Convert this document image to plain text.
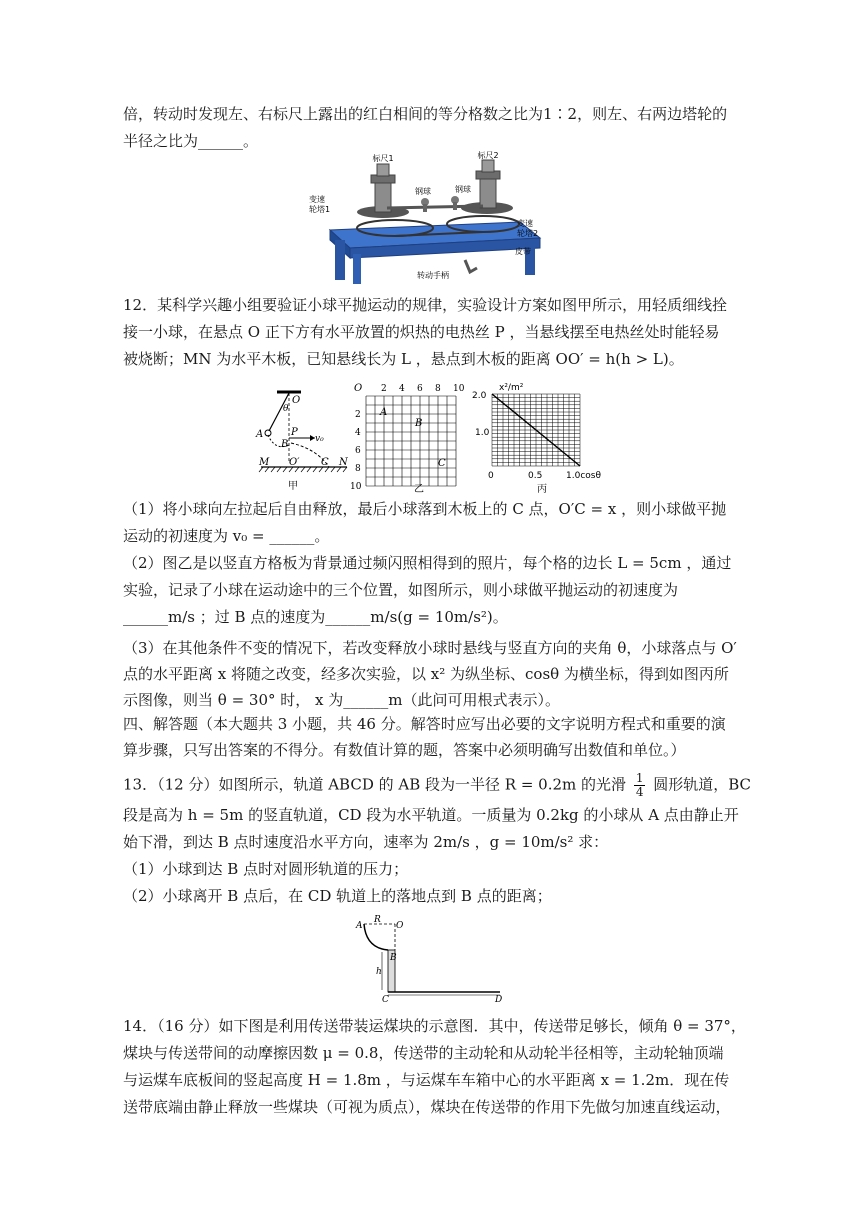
倍，转动时发现左、右标尺上露出的红白相间的等分格数之比为1∶2，则左、右两边塔轮的
半径之比为______。
标尺1	标尺2
钢球	钢球
变速
轮塔1
变速
轮塔2
皮带
转动手柄
12．某科学兴趣小组要验证小球平抛运动的规律，实验设计方案如图甲所示，用轻质细线拴
接一小球，在悬点 O 正下方有水平放置的炽热的电热丝 P ，当悬线摆至电热丝处时能轻易
被烧断；MN 为水平木板，已知悬线长为 L ，悬点到木板的距离 OO′ = h(h > L)。
O
θ
A	P
B	v₀
M O′ C N
甲
O 2 4 6 8 10
2
4
6
8
10
A
B
C
乙
x²/m²
2.0
1.0
0	0.5	1.0cosθ
丙
（1）将小球向左拉起后自由释放，最后小球落到木板上的 C 点，O′C = x ，则小球做平抛
运动的初速度为 v₀ = ______。
（2）图乙是以竖直方格板为背景通过频闪照相得到的照片，每个格的边长 L = 5cm ，通过
实验，记录了小球在运动途中的三个位置，如图所示，则小球做平抛运动的初速度为
______m/s ；过 B 点的速度为______m/s(g = 10m/s²)。
（3）在其他条件不变的情况下，若改变释放小球时悬线与竖直方向的夹角 θ，小球落点与 O′
点的水平距离 x 将随之改变，经多次实验，以 x² 为纵坐标、cosθ 为横坐标，得到如图丙所
示图像，则当 θ = 30° 时， x 为______m（此问可用根式表示）。
四、解答题（本大题共 3 小题，共 46 分。解答时应写出必要的文字说明方程式和重要的演
算步骤，只写出答案的不得分。有数值计算的题，答案中必须明确写出数值和单位。）
13．（12 分）如图所示，轨道 ABCD 的 AB 段为一半径 R = 0.2m 的光滑 $\frac{1}{4}$ 圆形轨道，BC
段是高为 h = 5m 的竖直轨道，CD 段为水平轨道。一质量为 0.2kg 的小球从 A 点由静止开
始下滑，到达 B 点时速度沿水平方向，速率为 2m/s ，g = 10m/s² 求：
（1）小球到达 B 点时对圆形轨道的压力；
（2）小球离开 B 点后，在 CD 轨道上的落地点到 B 点的距离；
A
R
O
B
h
C	D
14．（16 分）如下图是利用传送带装运煤块的示意图．其中，传送带足够长，倾角 θ = 37°，
煤块与传送带间的动摩擦因数 μ = 0.8，传送带的主动轮和从动轮半径相等，主动轮轴顶端
与运煤车底板间的竖起高度 H = 1.8m ，与运煤车车箱中心的水平距离 x = 1.2m．现在传
送带底端由静止释放一些煤块（可视为质点），煤块在传送带的作用下先做匀加速直线运动，
